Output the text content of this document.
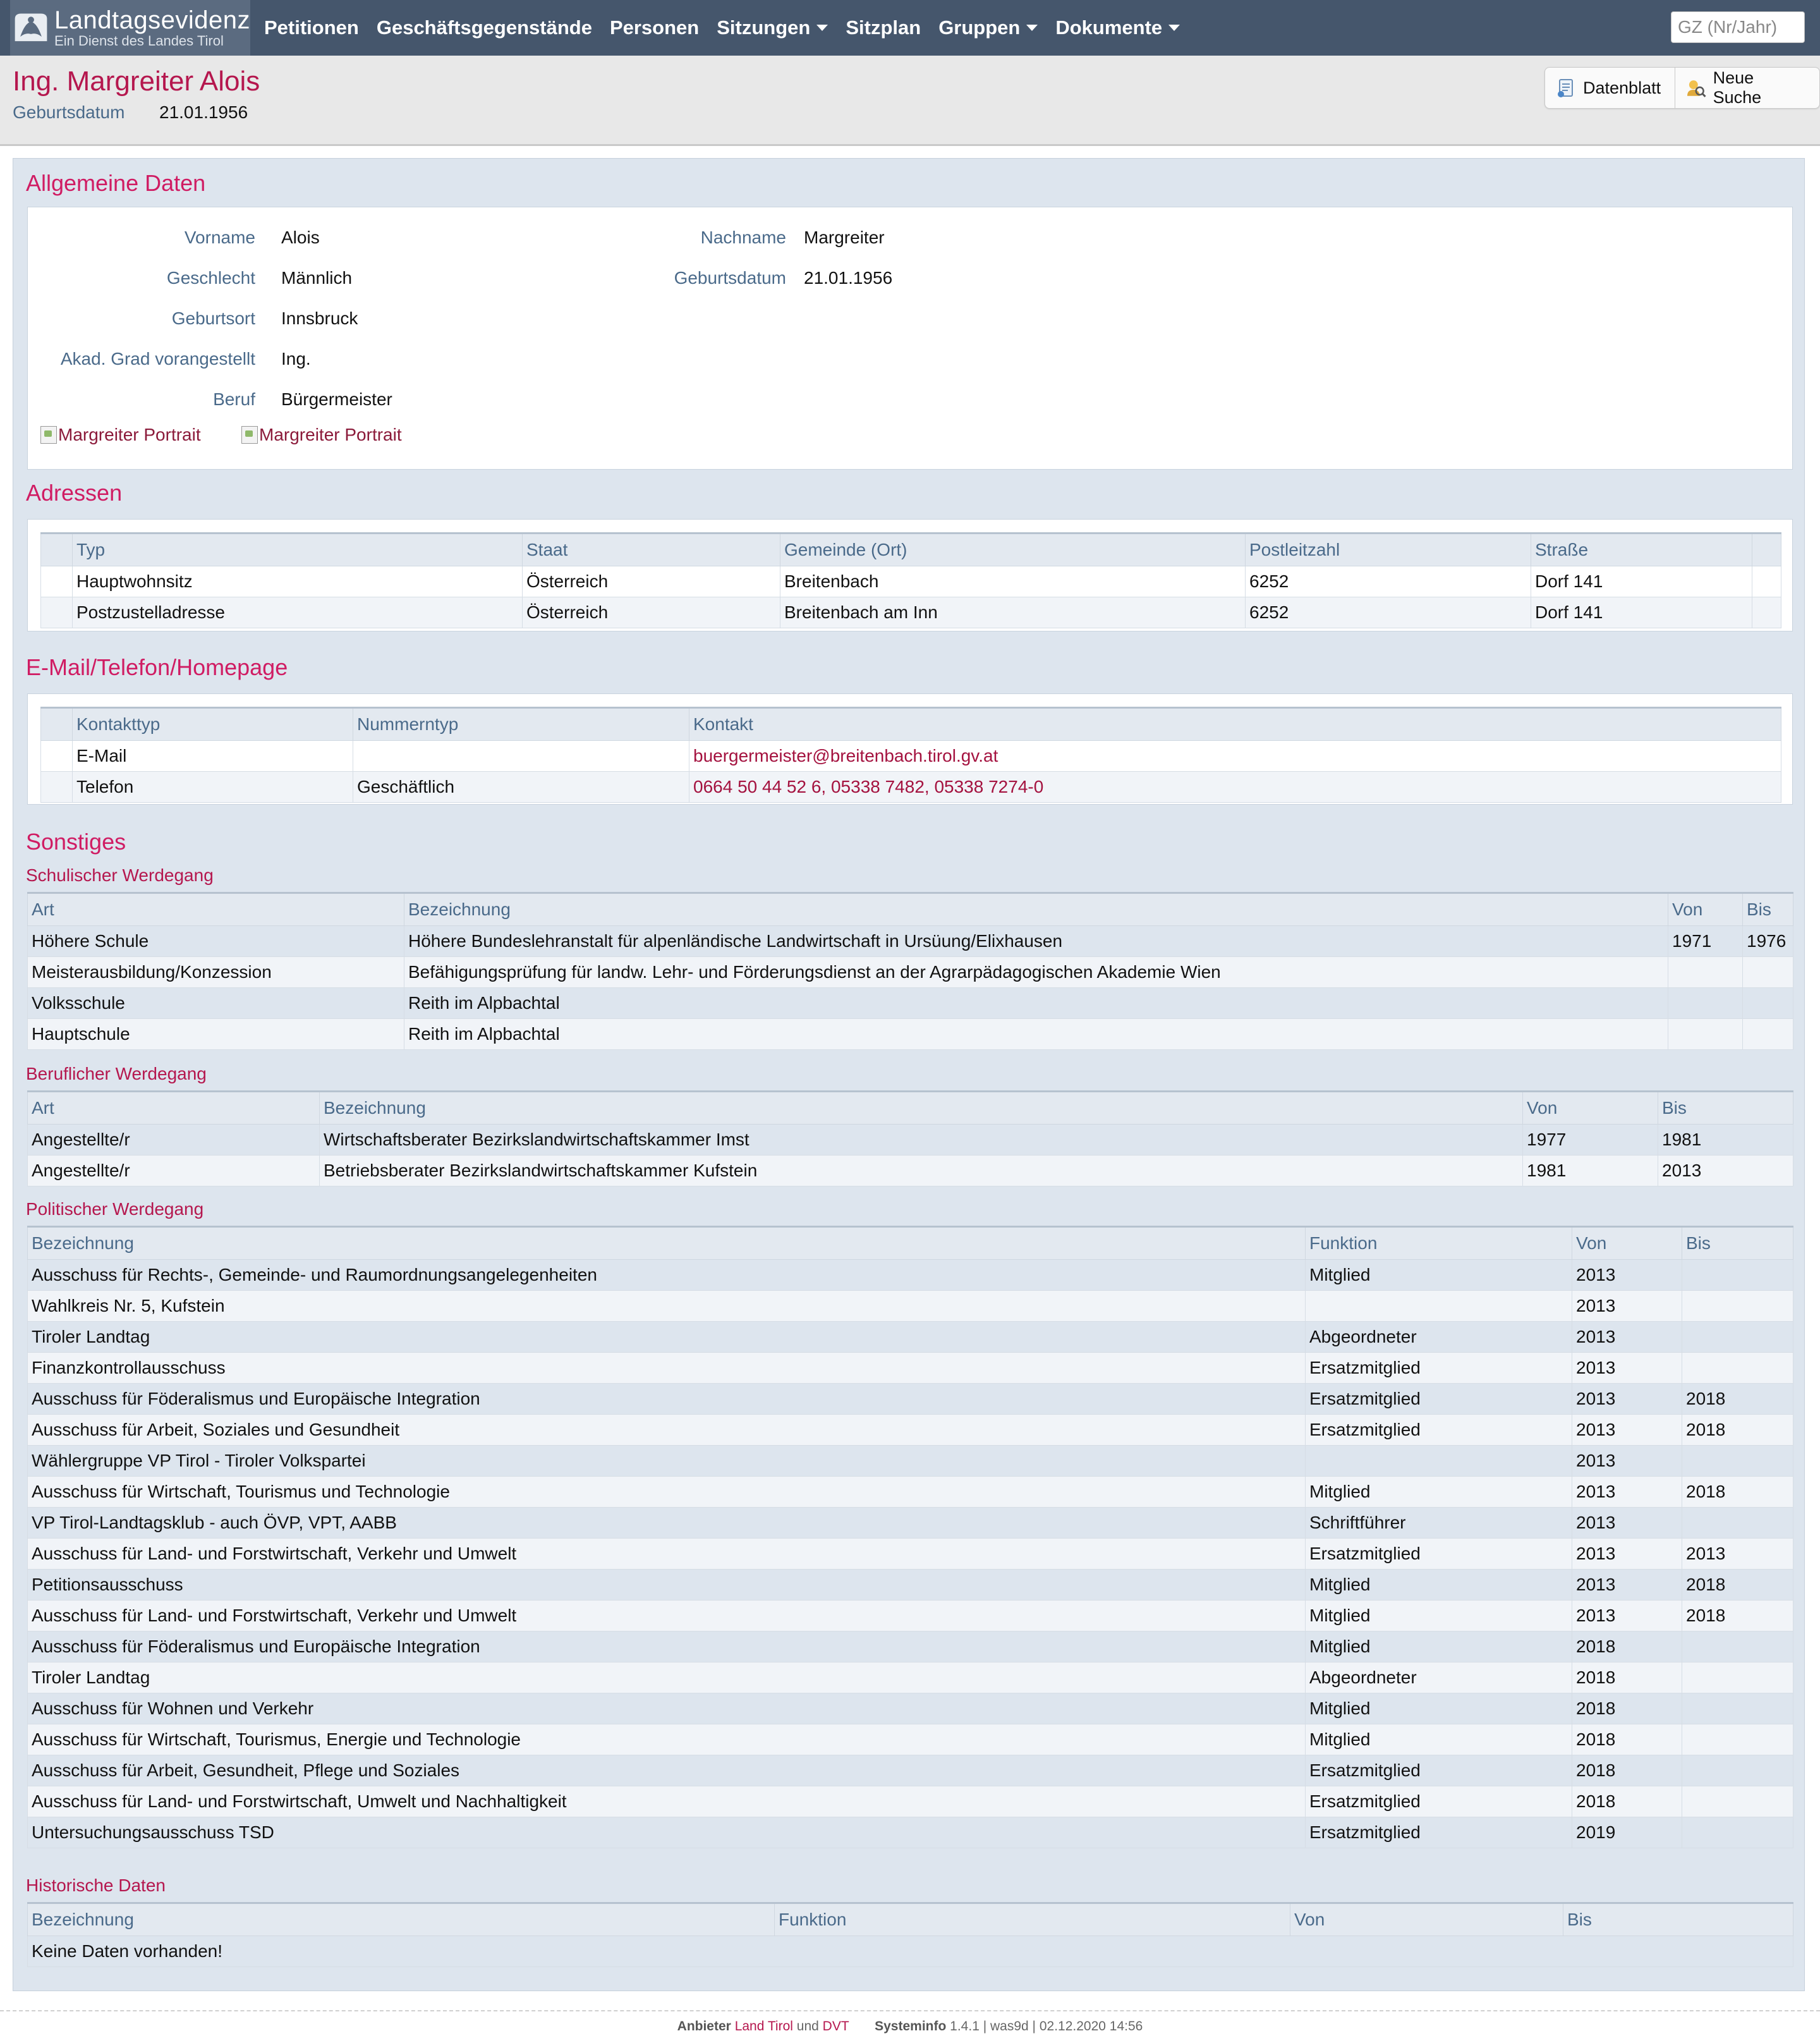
Landtagsevidenz
Ein Dienst des Landes Tirol
Petitionen Geschäftsgegenstände Personen Sitzungen Sitzplan Gruppen Dokumente
GZ (Nr/Jahr)
Ing. Margreiter Alois
Geburtsdatum 21.01.1956
Datenblatt
Neue Suche
Allgemeine Daten
Vorname Alois
Geschlecht Männlich
Geburtsort Innsbruck
Akad. Grad vorangestellt Ing.
Beruf Bürgermeister
Nachname Margreiter
Geburtsdatum 21.01.1956
Margreiter Portrait	Margreiter Portrait
Adressen
	Typ	Staat	Gemeinde (Ort)	Postleitzahl	Straße	
	Hauptwohnsitz	Österreich	Breitenbach	6252	Dorf 141	
	Postzustelladresse	Österreich	Breitenbach am Inn	6252	Dorf 141	
E-Mail/Telefon/Homepage
	Kontakttyp	Nummerntyp	Kontakt
	E-Mail		buergermeister@breitenbach.tirol.gv.at
	Telefon	Geschäftlich	0664 50 44 52 6, 05338 7482, 05338 7274-0
Sonstiges
Schulischer Werdegang
Art	Bezeichnung	Von	Bis
Höhere Schule	Höhere Bundeslehranstalt für alpenländische Landwirtschaft in Ursüung/Elixhausen	1971	1976
Meisterausbildung/Konzession	Befähigungsprüfung für landw. Lehr- und Förderungsdienst an der Agrarpädagogischen Akademie Wien		
Volksschule	Reith im Alpbachtal		
Hauptschule	Reith im Alpbachtal		
Beruflicher Werdegang
Art	Bezeichnung	Von	Bis
Angestellte/r	Wirtschaftsberater Bezirkslandwirtschaftskammer Imst	1977	1981
Angestellte/r	Betriebsberater Bezirkslandwirtschaftskammer Kufstein	1981	2013
Politischer Werdegang
Bezeichnung	Funktion	Von	Bis
Ausschuss für Rechts-, Gemeinde- und Raumordnungsangelegenheiten	Mitglied	2013	
Wahlkreis Nr. 5, Kufstein		2013	
Tiroler Landtag	Abgeordneter	2013	
Finanzkontrollausschuss	Ersatzmitglied	2013	
Ausschuss für Föderalismus und Europäische Integration	Ersatzmitglied	2013	2018
Ausschuss für Arbeit, Soziales und Gesundheit	Ersatzmitglied	2013	2018
Wählergruppe VP Tirol - Tiroler Volkspartei		2013	
Ausschuss für Wirtschaft, Tourismus und Technologie	Mitglied	2013	2018
VP Tirol-Landtagsklub - auch ÖVP, VPT, AABB	Schriftführer	2013	
Ausschuss für Land- und Forstwirtschaft, Verkehr und Umwelt	Ersatzmitglied	2013	2013
Petitionsausschuss	Mitglied	2013	2018
Ausschuss für Land- und Forstwirtschaft, Verkehr und Umwelt	Mitglied	2013	2018
Ausschuss für Föderalismus und Europäische Integration	Mitglied	2018	
Tiroler Landtag	Abgeordneter	2018	
Ausschuss für Wohnen und Verkehr	Mitglied	2018	
Ausschuss für Wirtschaft, Tourismus, Energie und Technologie	Mitglied	2018	
Ausschuss für Arbeit, Gesundheit, Pflege und Soziales	Ersatzmitglied	2018	
Ausschuss für Land- und Forstwirtschaft, Umwelt und Nachhaltigkeit	Ersatzmitglied	2018	
Untersuchungsausschuss TSD	Ersatzmitglied	2019	
Historische Daten
Bezeichnung	Funktion	Von	Bis
Keine Daten vorhanden!
Anbieter Land Tirol und DVT Systeminfo 1.4.1 | was9d | 02.12.2020 14:56
